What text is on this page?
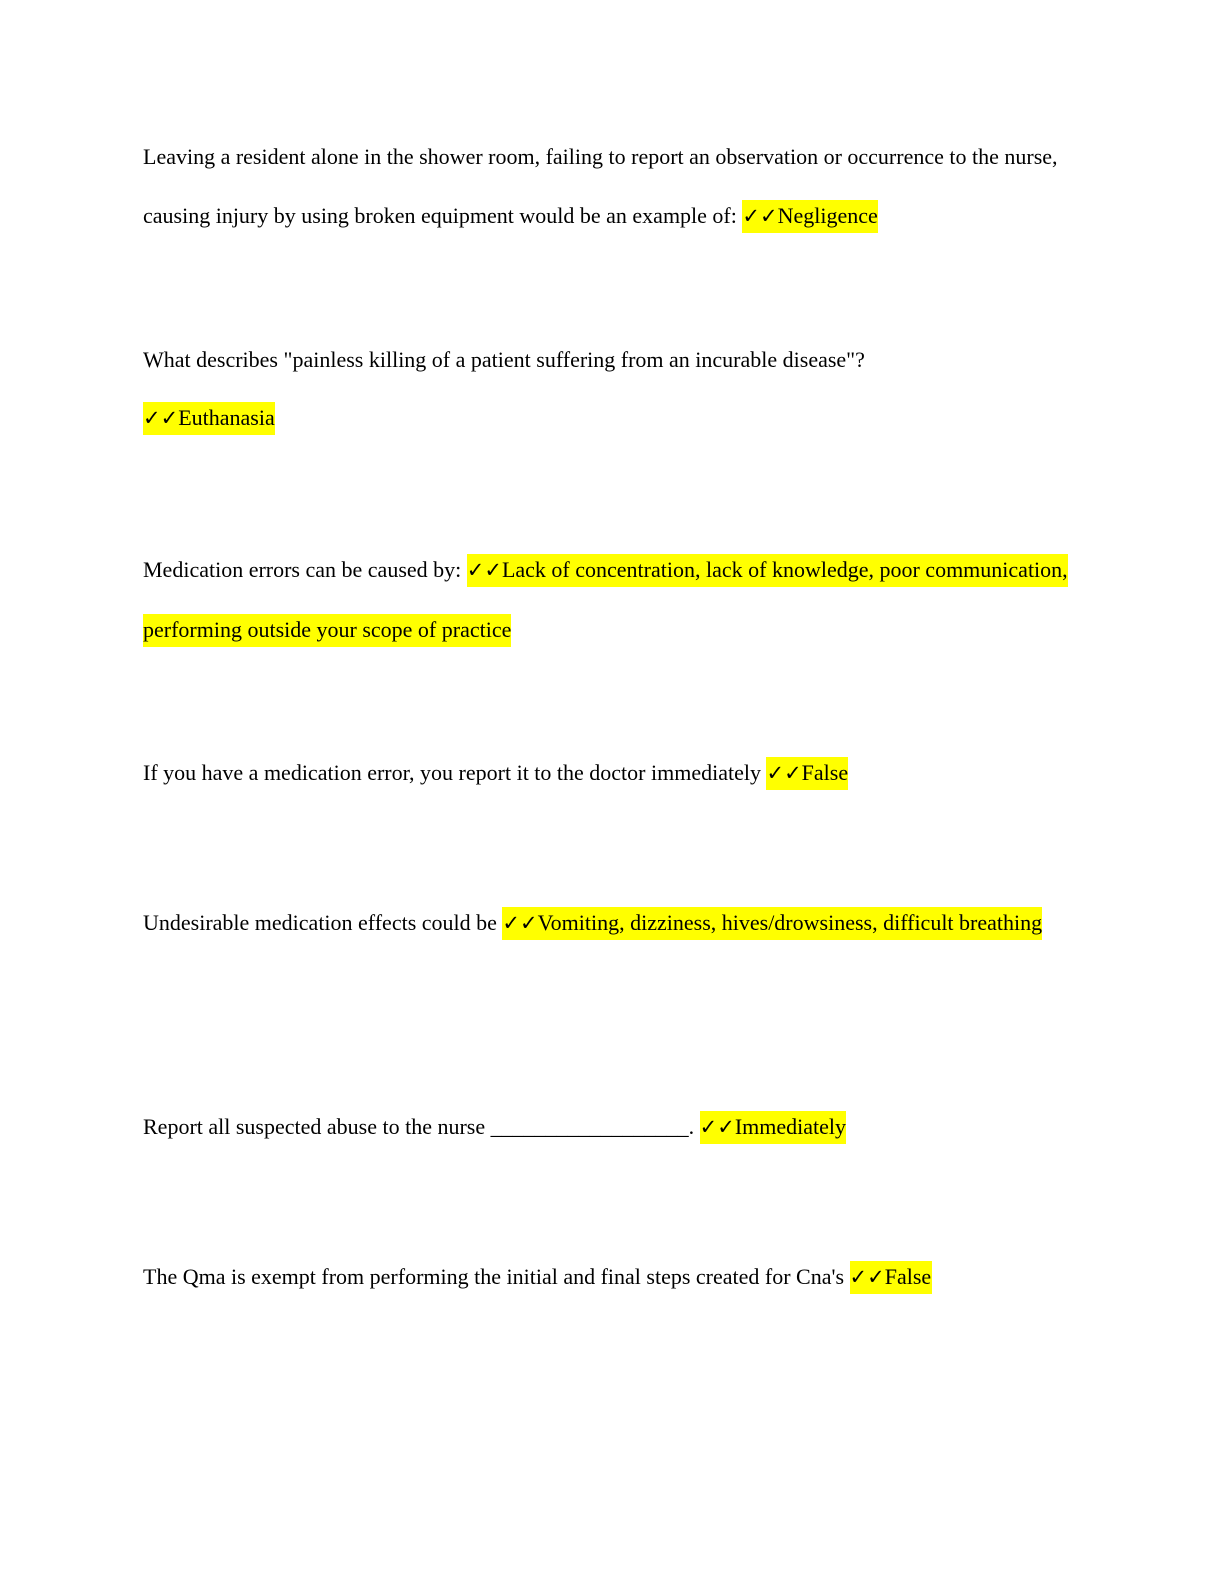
Leaving a resident alone in the shower room, failing to report an observation or occurrence to the nurse, causing injury by using broken equipment would be an example of: ✓✓Negligence

What describes "painless killing of a patient suffering from an incurable disease"?
✓✓Euthanasia

Medication errors can be caused by: ✓✓Lack of concentration, lack of knowledge, poor communication, performing outside your scope of practice

If you have a medication error, you report it to the doctor immediately ✓✓False

Undesirable medication effects could be ✓✓Vomiting, dizziness, hives/drowsiness, difficult breathing

Report all suspected abuse to the nurse __________________. ✓✓Immediately

The Qma is exempt from performing the initial and final steps created for Cna's ✓✓False
